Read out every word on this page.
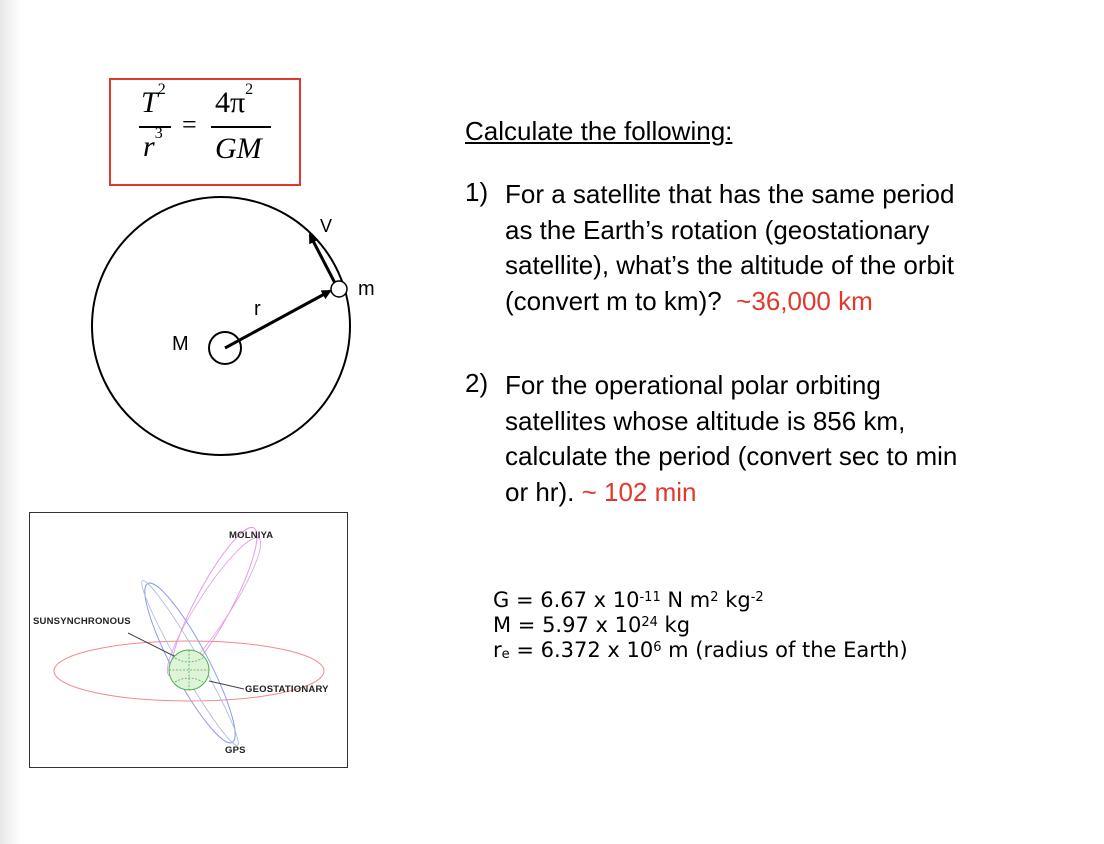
$T^2$
$r^3$ =
$4\pi^2$
GM
M
r
V
m
MOLNIYA
SUNSYNCHRONOUS
GEOSTATIONARY
GPS
Calculate the following:
1) For a satellite that has the same period
as the Earth’s rotation (geostationary
satellite), what’s the altitude of the orbit
(convert m to km)? ~36,000 km
2) For the operational polar orbiting
satellites whose altitude is 856 km,
calculate the period (convert sec to min
or hr). ~ 102 min
G = 6.67 x $10^{-11}$ N $m^2$ $kg^{-2}$
M = 5.97 x $10^{24}$ kg
$r_e = 6.372$ x $10^6$ m (radius of the Earth)
